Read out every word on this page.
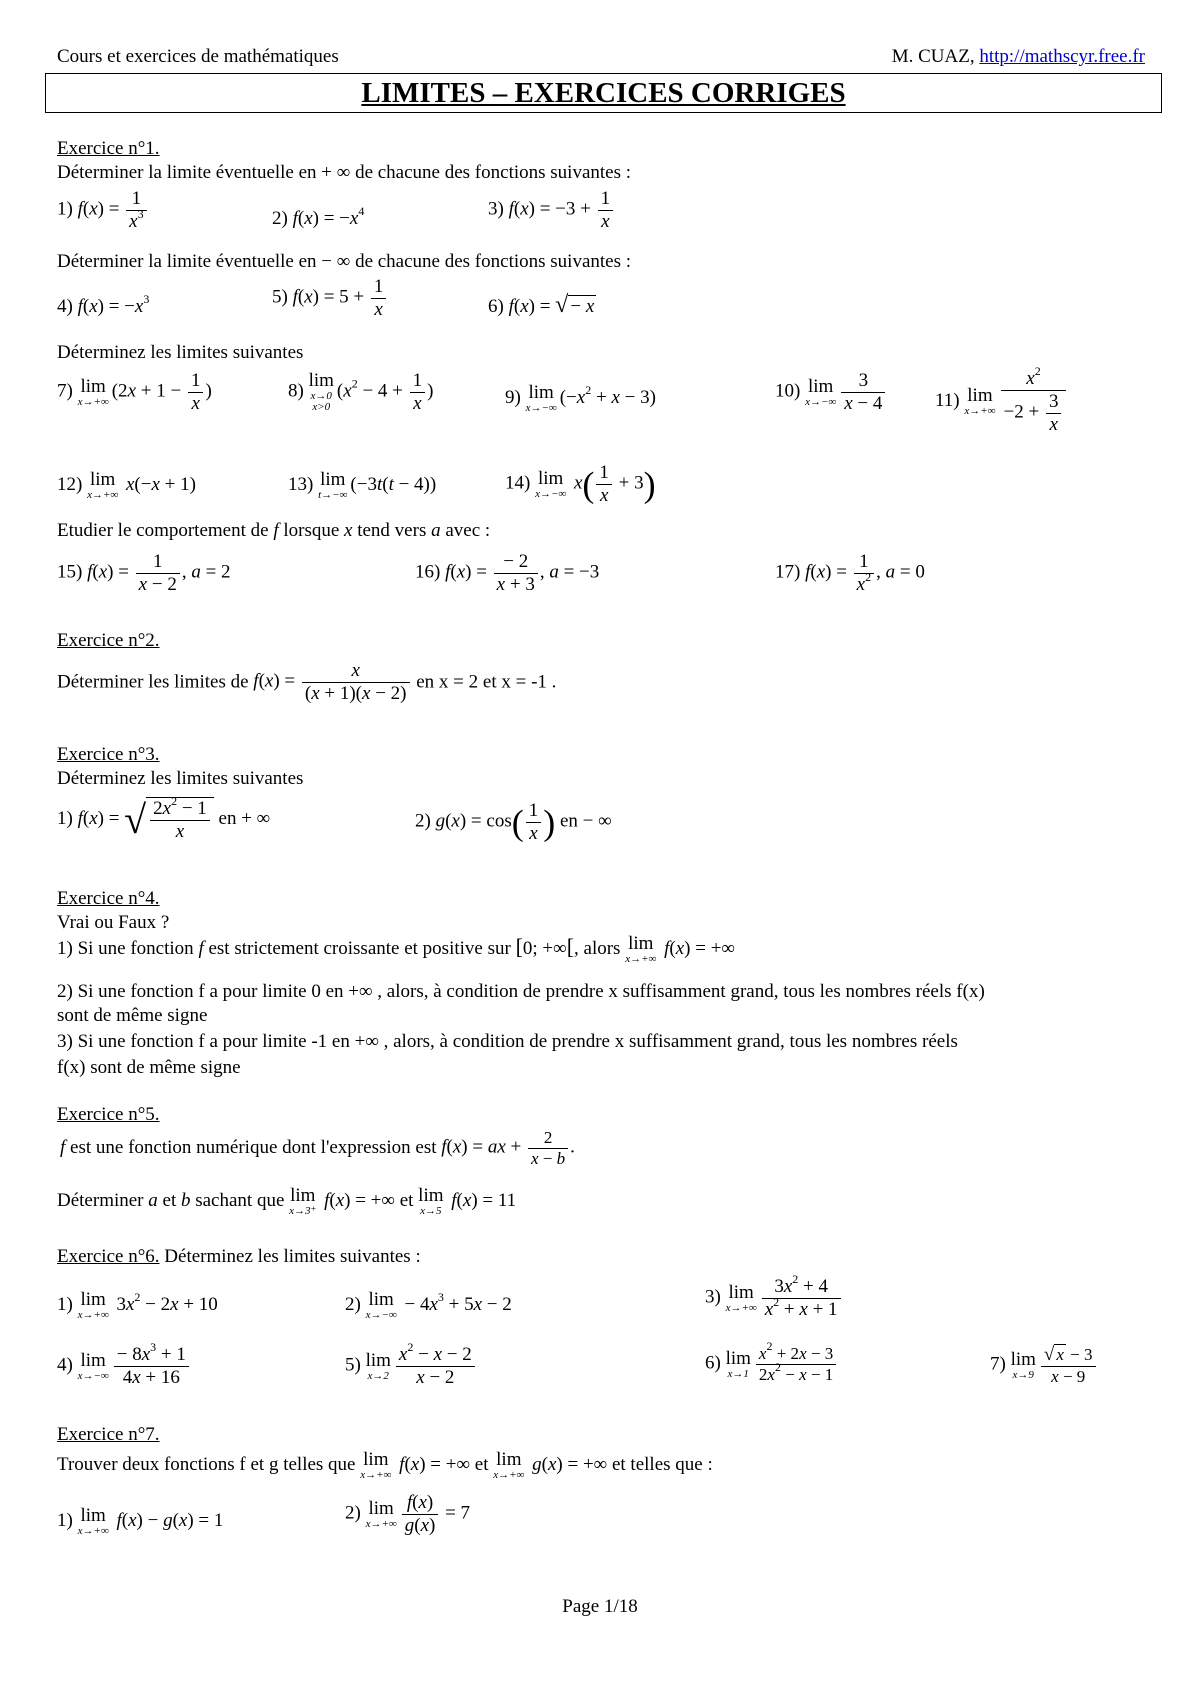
Cours et exercices de mathématiques	M. CUAZ, http://mathscyr.free.fr
LIMITES – EXERCICES CORRIGES
Exercice n°1.
Déterminer la limite éventuelle en + ∞ de chacune des fonctions suivantes :
1) $f(x) = \frac{1}{x^3}$	2) $f(x) = -x^4$	3) $f(x) = -3 + \frac{1}{x}$
Déterminer la limite éventuelle en − ∞ de chacune des fonctions suivantes :
4) $f(x) = -x^3$	5) $f(x) = 5 + \frac{1}{x}$	6) f(x) = √ − x
Déterminez les limites suivantes
7) lim
x→+∞
($2x + 1 - \frac{1}{x}$ )	8) lim
x→0
x>0
($x^2 - 4 + \frac{1}{x}$ )	9) lim
x→−∞
$(-x^2 + x - 3)$	10) lim
$x\to-\infty \frac{3}{x - 4}$	11) lim
$x\to+\infty \frac{x^2}{-2 + \frac{3}{x}}$
12) lim
x→+∞
x(−x + 1)	13) lim
t→−∞
(−3t(t − 4))	14) lim
x→−∞
$x( \frac{1}{x} + 3)$
Etudier le comportement de f lorsque x tend vers a avec :
15) $f(x) = \frac{1}{x - 2}$ , a = 2	16) $f(x) = \frac{- 2}{x + 3}$ , a = −3	17) $f(x) = \frac{1}{x^2}$ , a = 0
Exercice n°2.
Déterminer les limites de $f(x) = \frac{x}{(x + 1)(x - 2)}$ en x = 2 et x = -1 .
Exercice n°3.
Déterminez les limites suivantes
1) f(x) = √ $\frac{2x^2 - 1}{x}$ en + ∞	2) $g(x) = \cos( \frac{1}{x}$ ) en − ∞
Exercice n°4.
Vrai ou Faux ?
1) Si une fonction f est strictement croissante et positive sur [0; +∞[, alors lim
x→+∞
f(x) = +∞
2) Si une fonction f a pour limite 0 en +∞ , alors, à condition de prendre x suffisamment grand, tous les nombres réels f(x)
sont de même signe
3) Si une fonction f a pour limite -1 en +∞ , alors, à condition de prendre x suffisamment grand, tous les nombres réels
f(x) sont de même signe
Exercice n°5.
f est une fonction numérique dont l'expression est f(x) = ax + $\frac{2}{x - b}$ .
Déterminer a et b sachant que lim
x→3⁺
f(x) = +∞ et lim
x→5
f(x) = 11
Exercice n°6. Déterminez les limites suivantes :
1) lim
x→+∞
$3x^2 - 2x + 10$	2) lim
x→−∞
− $4x^3 + 5x - 2$	3) lim
$x\to+\infty \frac{3x^2 + 4}{x^2 + x + 1}$
4) lim
$x\to-\infty \frac{- 8x^3 + 1}{4x + 16}$	5) lim
$x\to 2 \frac{x^2 - x - 2}{x - 2}$	6) lim
$x\to 1 \frac{x^2 + 2x - 3}{2x^2 - x - 1}$	7) lim
$x\to 9 \frac{√ x - 3}{x - 9}$
Exercice n°7.
Trouver deux fonctions f et g telles que lim
x→+∞
f(x) = +∞ et lim
x→+∞
g(x) = +∞ et telles que :
1) lim
x→+∞
f(x) − g(x) = 1	2) lim
$x\to+\infty \frac{f(x)}{g(x)} = 7$
Page 1/18
